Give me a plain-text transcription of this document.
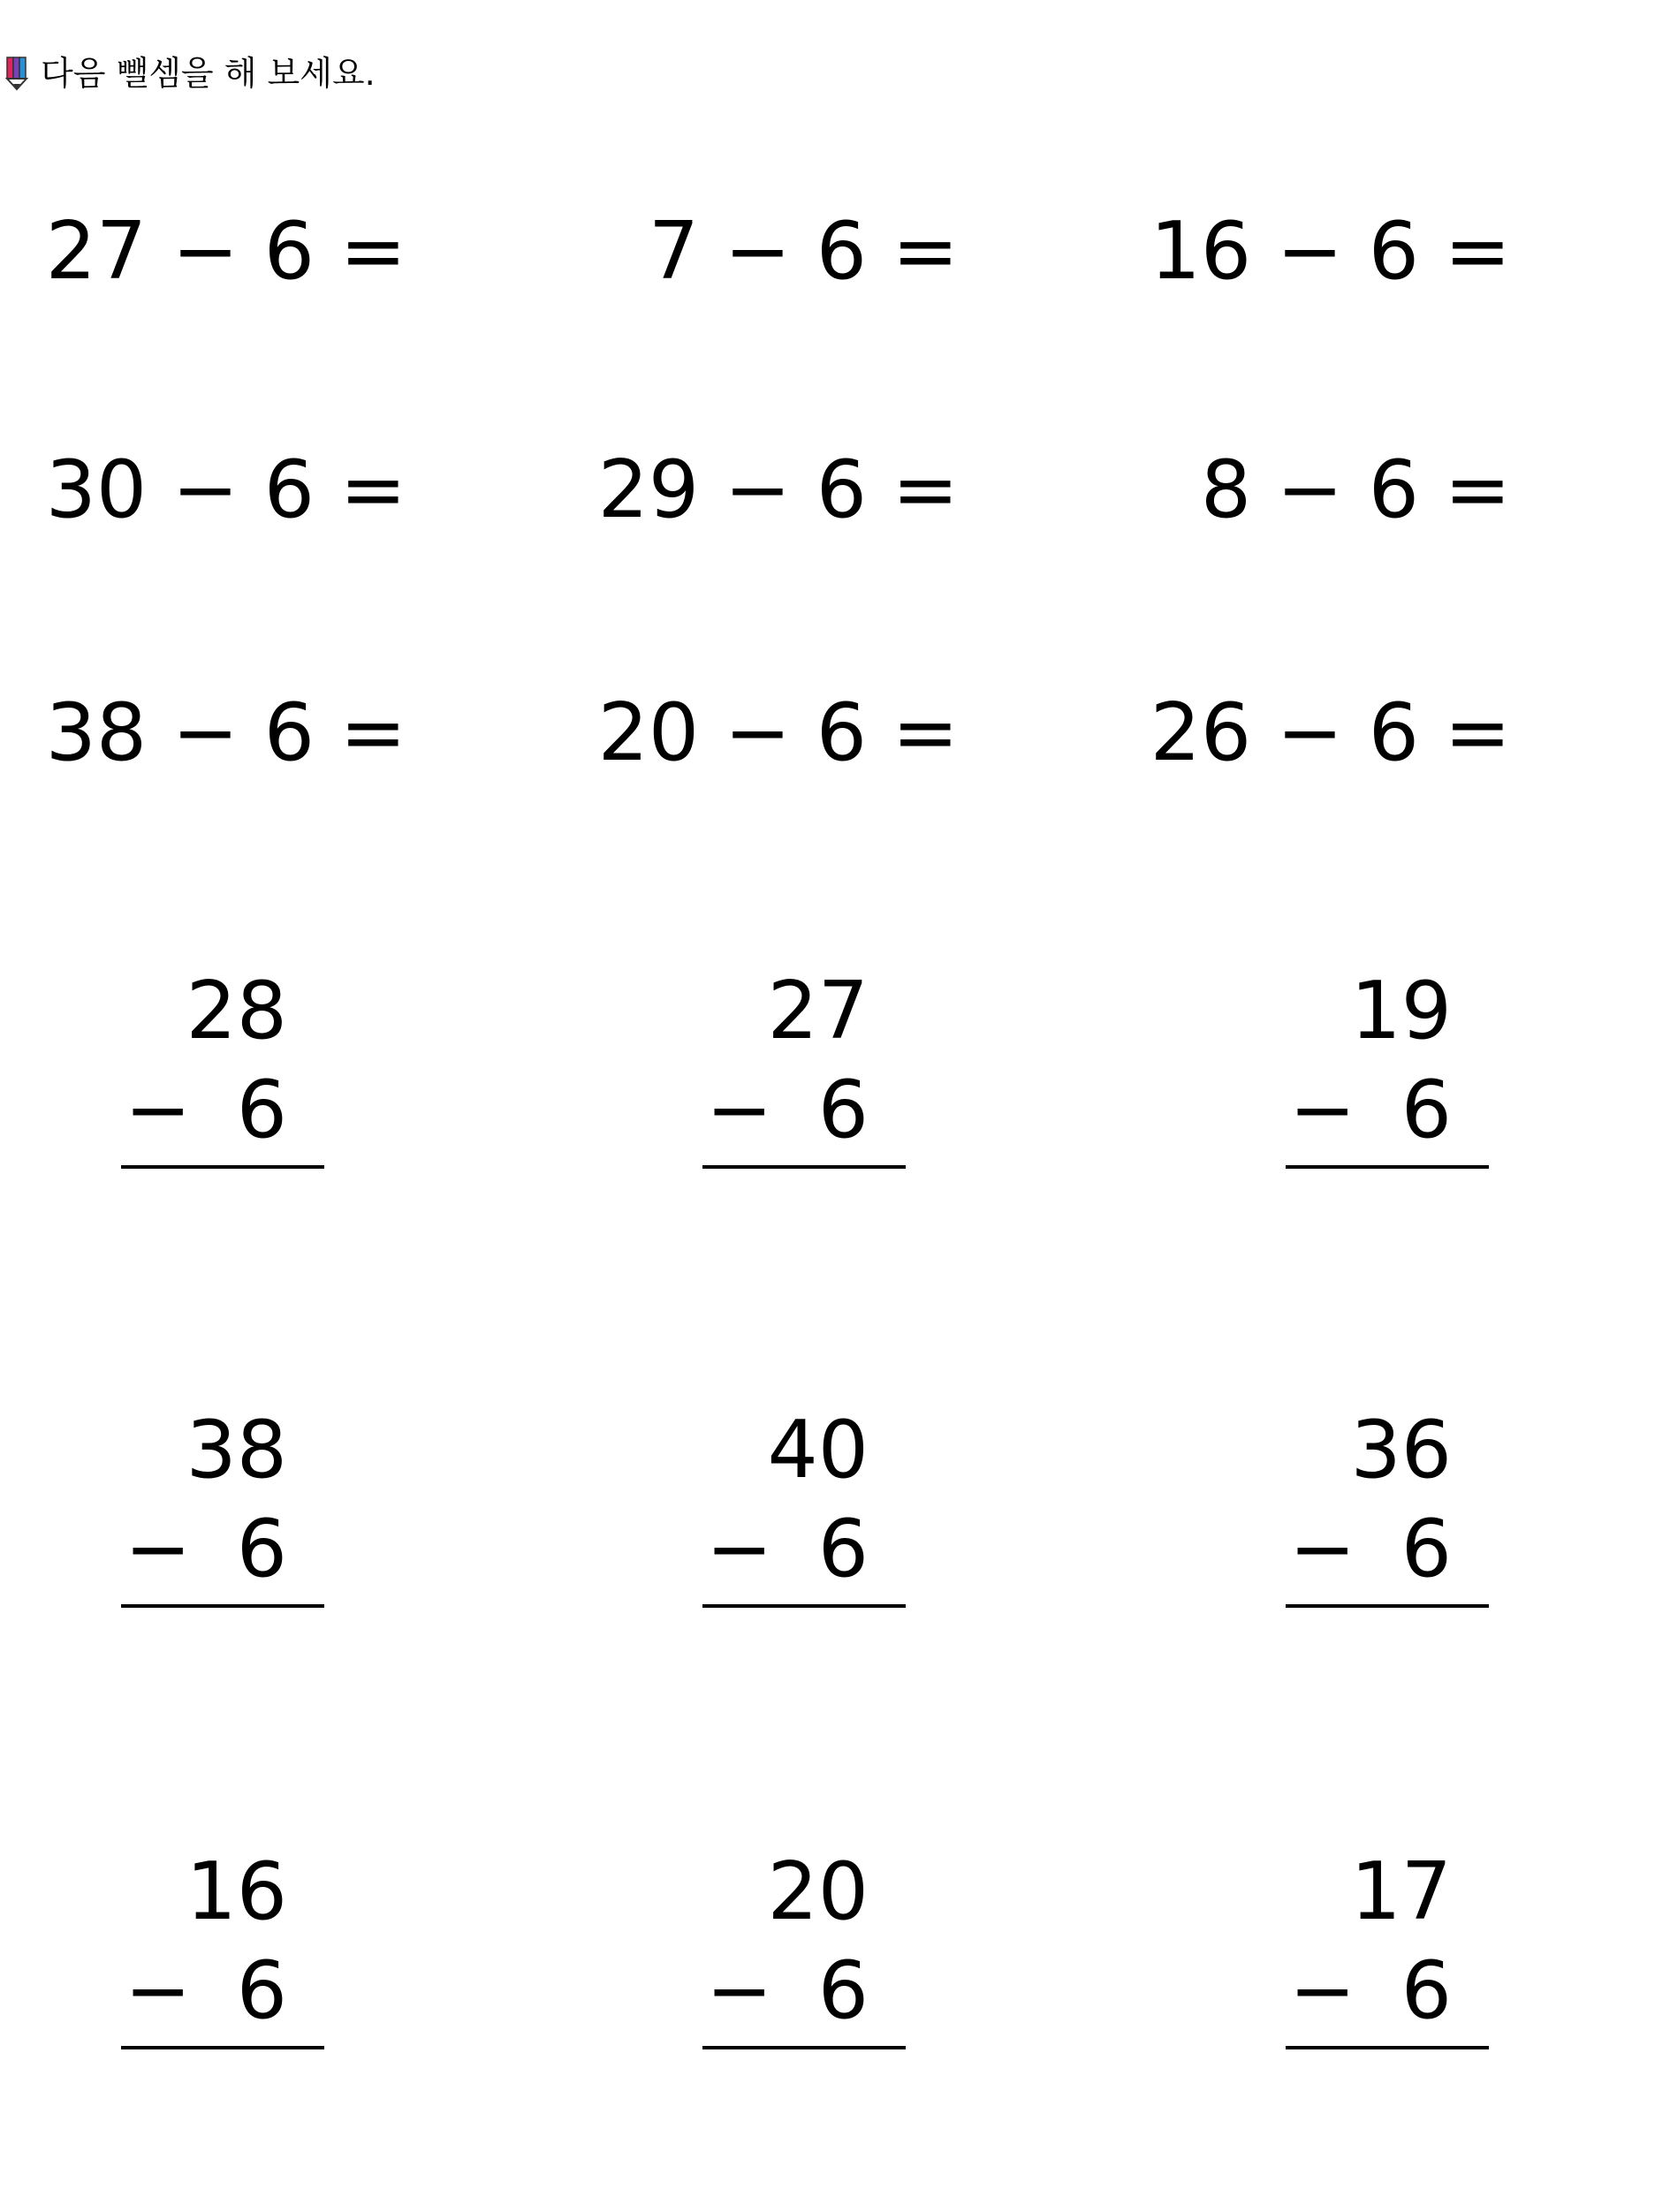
다음 뺄셈을 해 보세요.
27 − 6 =	7 − 6 =	16 − 6 =
30 − 6 =	29 − 6 =	8 − 6 =
38 − 6 =	20 − 6 =	26 − 6 =
28
− 6
27
− 6
19
− 6
38
− 6
40
− 6
36
− 6
16
− 6
20
− 6
17
− 6
